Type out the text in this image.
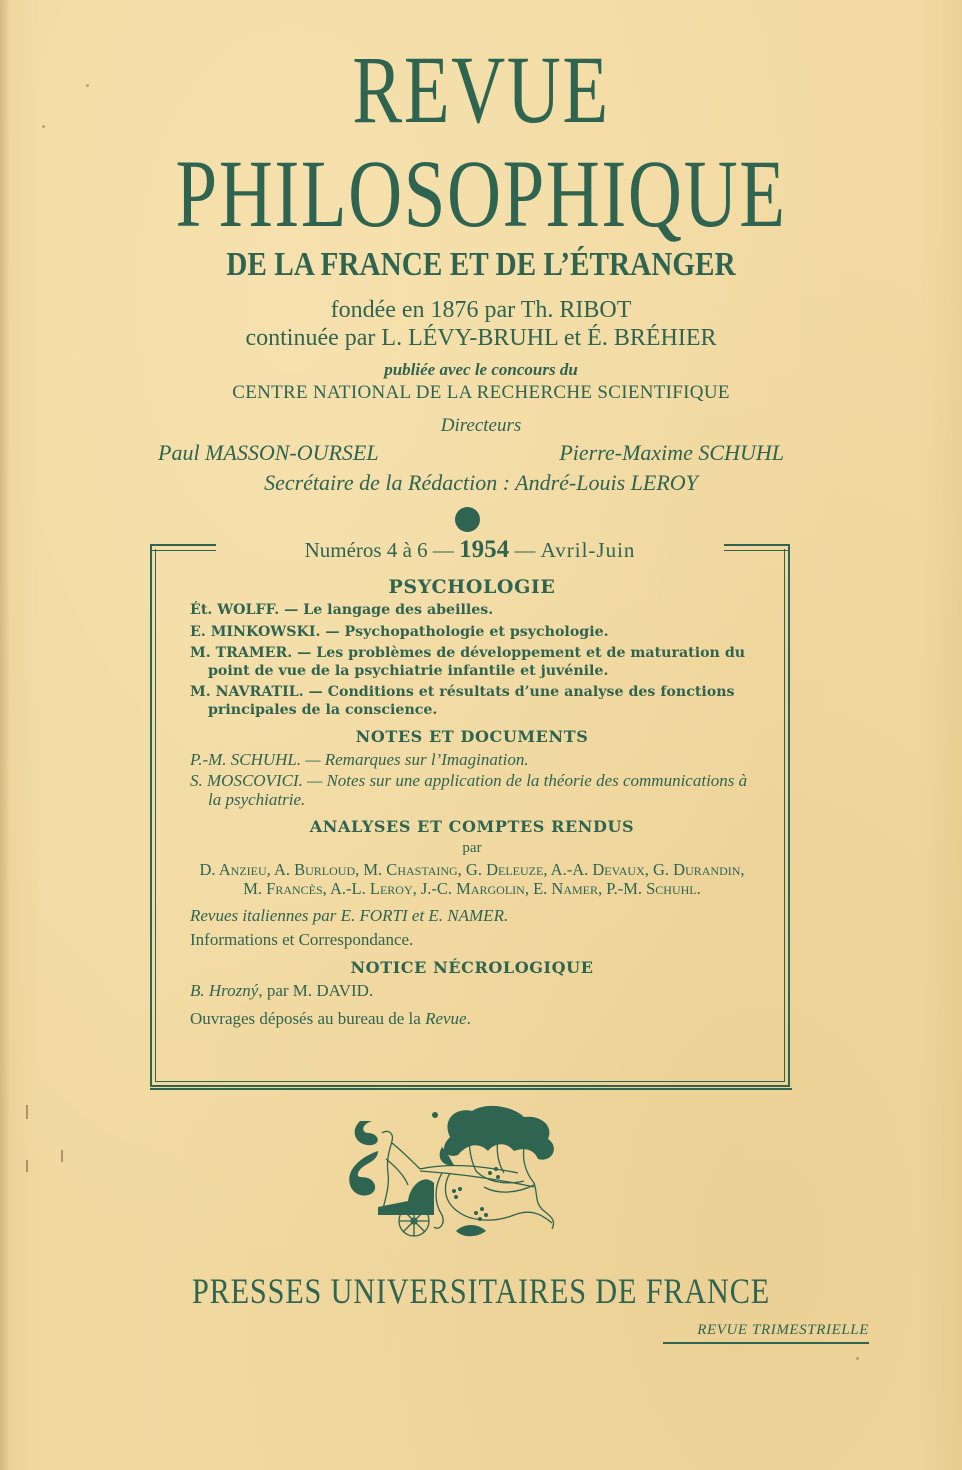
REVUE
PHILOSOPHIQUE
DE LA FRANCE ET DE L’ÉTRANGER
fondée en 1876 par Th. RIBOT
continuée par L. LÉVY-BRUHL et É. BRÉHIER
publiée avec le concours du
CENTRE NATIONAL DE LA RECHERCHE SCIENTIFIQUE
Directeurs
Paul MASSON-OURSEL	Pierre-Maxime SCHUHL
Secrétaire de la Rédaction : André-Louis LEROY
Numéros 4 à 6 — 1954 — Avril-Juin
PSYCHOLOGIE
Ét. WOLFF. — Le langage des abeilles.
E. MINKOWSKI. — Psychopathologie et psychologie.
M. TRAMER. — Les problèmes de développement et de maturation du point de vue de la psychiatrie infantile et juvénile.
M. NAVRATIL. — Conditions et résultats d’une analyse des fonctions principales de la conscience.
NOTES ET DOCUMENTS
P.-M. SCHUHL. — Remarques sur l’Imagination.
S. MOSCOVICI. — Notes sur une application de la théorie des communications à la psychiatrie.
ANALYSES ET COMPTES RENDUS
par
D. Anzieu, A. Burloud, M. Chastaing, G. Deleuze, A.-A. Devaux, G. Durandin, M. Francès, A.-L. Leroy, J.-C. Margolin, E. Namer, P.-M. Schuhl.
Revues italiennes par E. FORTI et E. NAMER.
Informations et Correspondance.
NOTICE NÉCROLOGIQUE
B. Hrozný, par M. DAVID.
Ouvrages déposés au bureau de la Revue.
PRESSES UNIVERSITAIRES DE FRANCE
REVUE TRIMESTRIELLE
